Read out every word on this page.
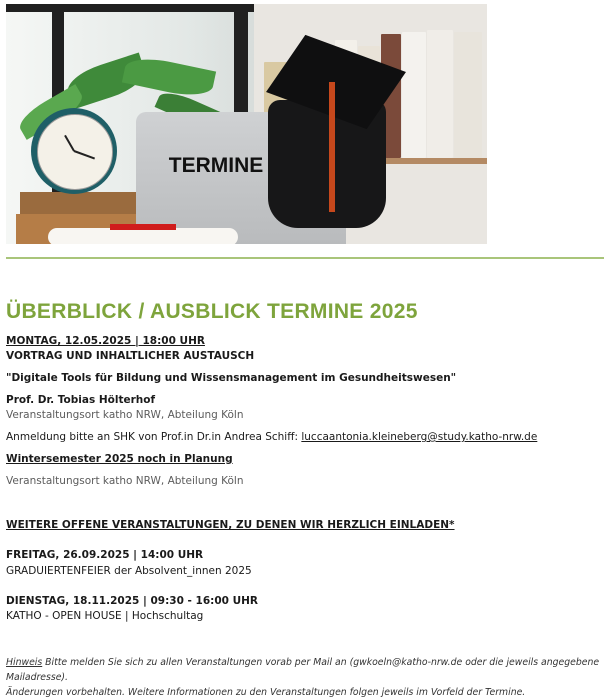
TERMINE
ÜBERBLICK / AUSBLICK TERMINE 2025
MONTAG, 12.05.2025 | 18:00 UHR
VORTRAG UND INHALTLICHER AUSTAUSCH
"Digitale Tools für Bildung und Wissensmanagement im Gesundheitswesen"
Prof. Dr. Tobias Hölterhof
Veranstaltungsort katho NRW, Abteilung Köln
Anmeldung bitte an SHK von Prof.in Dr.in Andrea Schiff: luccaantonia.kleineberg@study.katho-nrw.de
Wintersemester 2025 noch in Planung
Veranstaltungsort katho NRW, Abteilung Köln
WEITERE OFFENE VERANSTALTUNGEN, ZU DENEN WIR HERZLICH EINLADEN*
FREITAG, 26.09.2025 | 14:00 UHR
GRADUIERTENFEIER der Absolvent_innen 2025
DIENSTAG, 18.11.2025 | 09:30 - 16:00 UHR
KATHO - OPEN HOUSE | Hochschultag
Hinweis Bitte melden Sie sich zu allen Veranstaltungen vorab per Mail an (gwkoeln@katho-nrw.de oder die jeweils angegebene Mailadresse).
Änderungen vorbehalten. Weitere Informationen zu den Veranstaltungen folgen jeweils im Vorfeld der Termine.
